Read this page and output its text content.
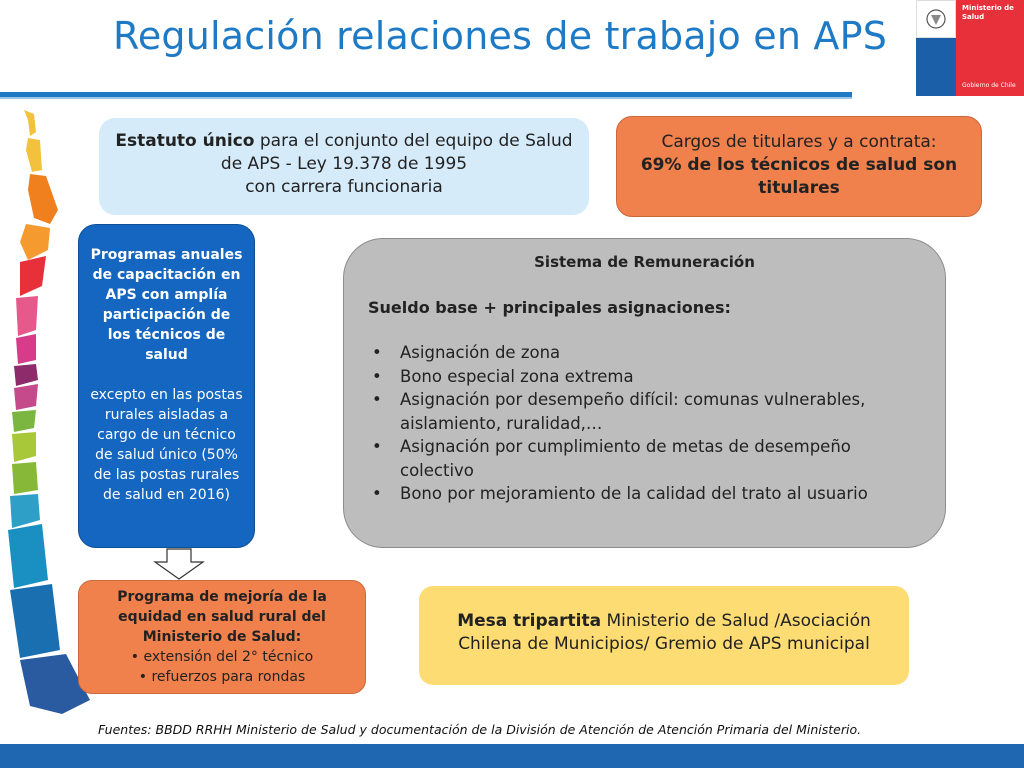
Regulación relaciones de trabajo en APS
Ministerio de
Salud
Gobierno de Chile
Estatuto único para el conjunto del equipo de Salud de APS - Ley 19.378 de 1995
con carrera funcionaria
Cargos de titulares y a contrata:
69% de los técnicos de salud son titulares
Programas anuales de capacitación en APS con amplía participación de los técnicos de salud
excepto en las postas rurales aisladas a cargo de un técnico de salud único (50% de las postas rurales de salud en 2016)
Sistema de Remuneración
Sueldo base + principales asignaciones:
• Asignación de zona
• Bono especial zona extrema
• Asignación por desempeño difícil: comunas vulnerables, aislamiento, ruralidad,…
• Asignación por cumplimiento de metas de desempeño colectivo
• Bono por mejoramiento de la calidad del trato al usuario
Programa de mejoría de la equidad en salud rural del Ministerio de Salud:
• extensión del 2° técnico
• refuerzos para rondas
Mesa tripartita Ministerio de Salud /Asociación Chilena de Municipios/ Gremio de APS municipal
Fuentes: BBDD RRHH Ministerio de Salud y documentación de la División de Atención de Atención Primaria del Ministerio.
